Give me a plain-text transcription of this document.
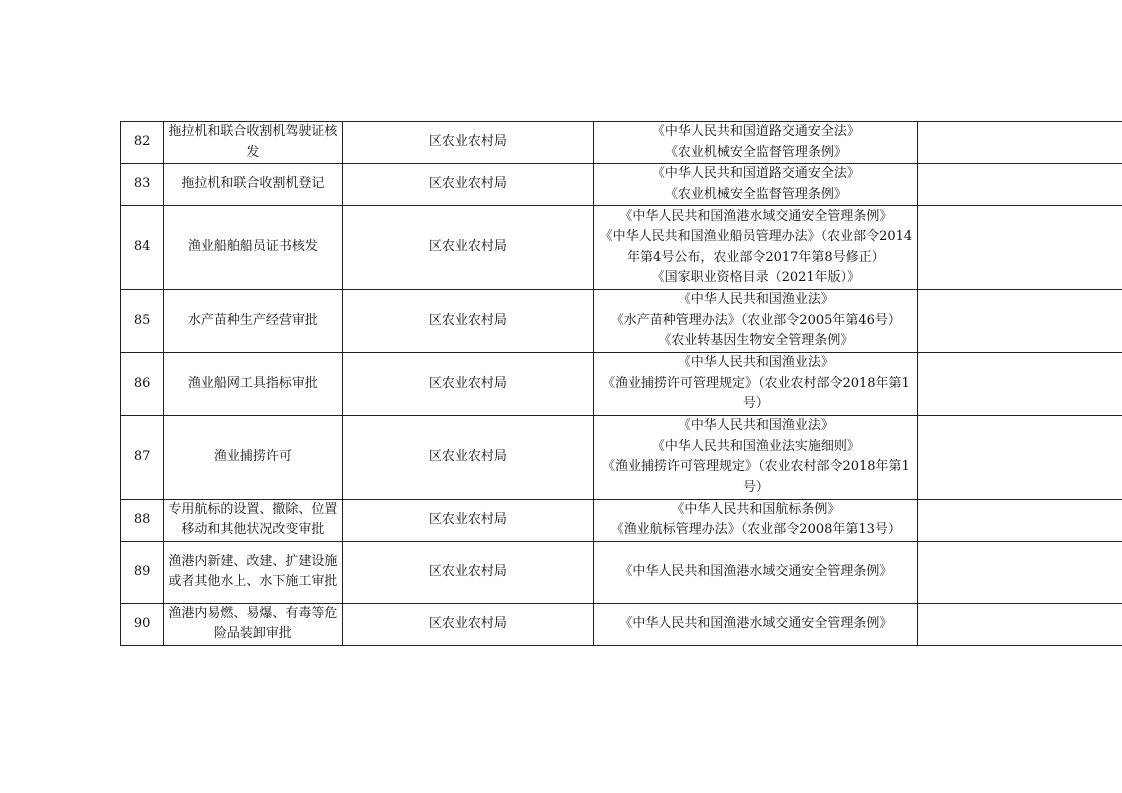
82	拖拉机和联合收割机驾驶证核发	区农业农村局	《中华人民共和国道路交通安全法》
《农业机械安全监督管理条例》	

83	拖拉机和联合收割机登记	区农业农村局	《中华人民共和国道路交通安全法》
《农业机械安全监督管理条例》	

84	渔业船舶船员证书核发	区农业农村局	《中华人民共和国渔港水域交通安全管理条例》
《中华人民共和国渔业船员管理办法》（农业部令2014年第4号公布，农业部令2017年第8号修正）
《国家职业资格目录（2021年版）》	

85	水产苗种生产经营审批	区农业农村局	《中华人民共和国渔业法》
《水产苗种管理办法》（农业部令2005年第46号）
《农业转基因生物安全管理条例》	

86	渔业船网工具指标审批	区农业农村局	《中华人民共和国渔业法》
《渔业捕捞许可管理规定》（农业农村部令2018年第1号）	

87	渔业捕捞许可	区农业农村局	《中华人民共和国渔业法》
《中华人民共和国渔业法实施细则》
《渔业捕捞许可管理规定》（农业农村部令2018年第1号）	

88	专用航标的设置、撤除、位置移动和其他状况改变审批	区农业农村局	《中华人民共和国航标条例》
《渔业航标管理办法》（农业部令2008年第13号）	

89	渔港内新建、改建、扩建设施或者其他水上、水下施工审批	区农业农村局	《中华人民共和国渔港水域交通安全管理条例》	

90	渔港内易燃、易爆、有毒等危险品装卸审批	区农业农村局	《中华人民共和国渔港水域交通安全管理条例》	
